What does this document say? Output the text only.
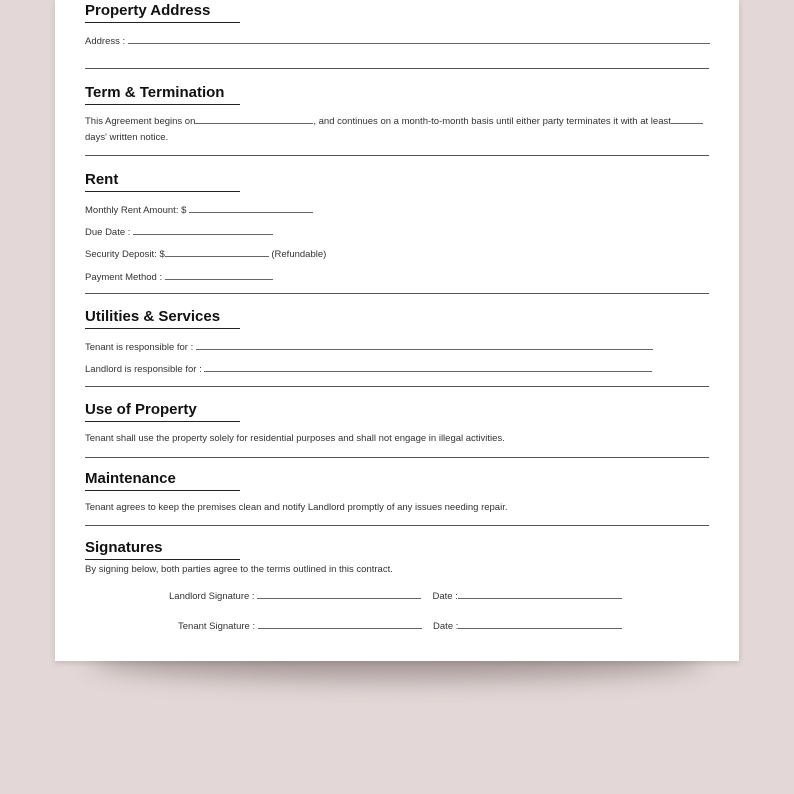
Property Address
Address :
Term & Termination
This Agreement begins on	, and continues on a month-to-month basis until either party terminates it with at least
days' written notice.
Rent
Monthly Rent Amount: $
Due Date :
Security Deposit: $	(Refundable)
Payment Method :
Utilities & Services
Tenant is responsible for :
Landlord is responsible for :
Use of Property
Tenant shall use the property solely for residential purposes and shall not engage in illegal activities.
Maintenance
Tenant agrees to keep the premises clean and notify Landlord promptly of any issues needing repair.
Signatures
By signing below, both parties agree to the terms outlined in this contract.
Landlord Signature :	Date :
Tenant Signature :	Date :
